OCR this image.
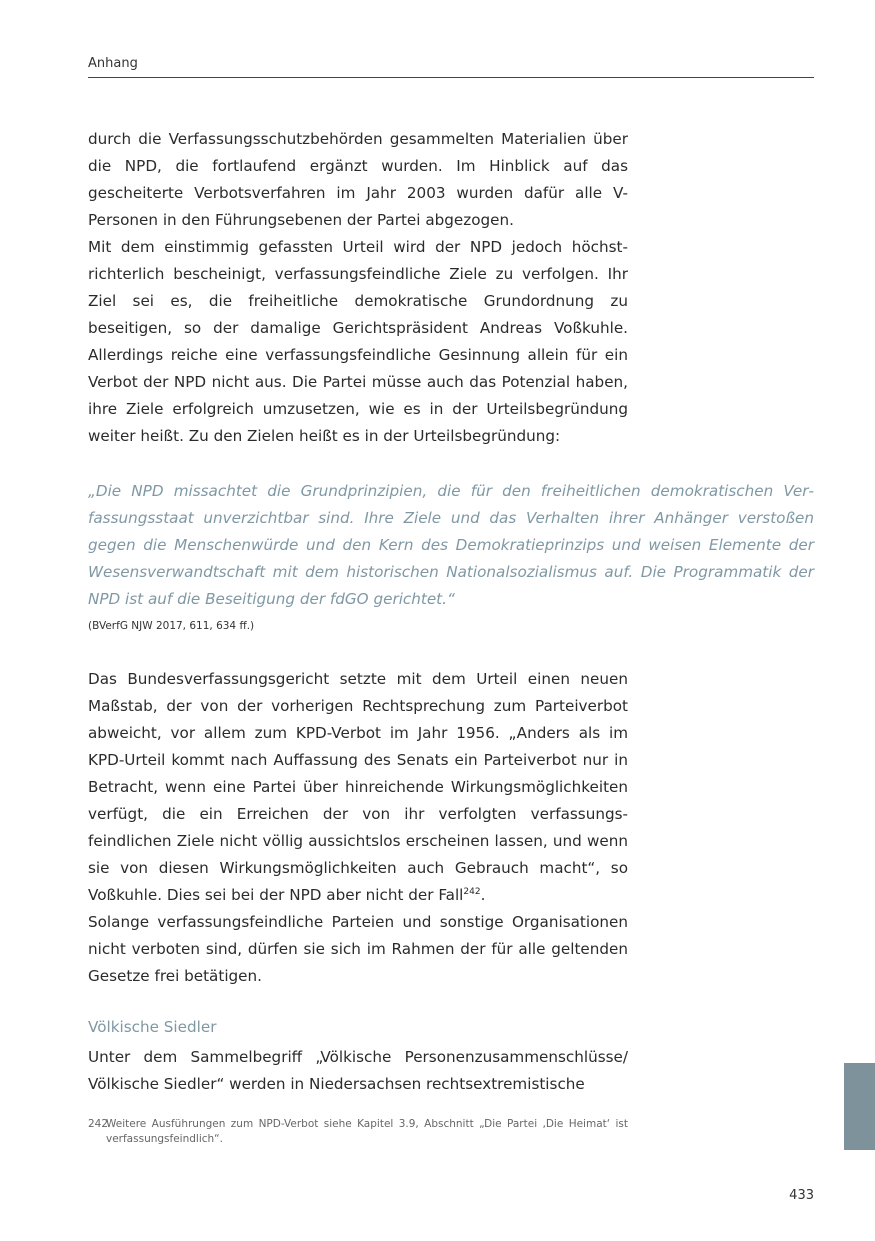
Anhang

durch die Verfassungsschutzbehörden gesammelten Materialien über die NPD, die fortlaufend ergänzt wurden. Im Hinblick auf das gescheiterte Verbotsverfahren im Jahr 2003 wurden dafür alle V-Personen in den Führungsebenen der Partei abgezogen.

Mit dem einstimmig gefassten Urteil wird der NPD jedoch höchstrichterlich bescheinigt, verfassungsfeindliche Ziele zu verfolgen. Ihr Ziel sei es, die freiheitliche demokratische Grundordnung zu beseitigen, so der damalige Gerichtspräsident Andreas Voßkuhle. Allerdings reiche eine verfassungsfeindliche Gesinnung allein für ein Verbot der NPD nicht aus. Die Partei müsse auch das Potenzial haben, ihre Ziele erfolgreich umzusetzen, wie es in der Urteilsbegründung weiter heißt. Zu den Zielen heißt es in der Urteilsbegründung:

„Die NPD missachtet die Grundprinzipien, die für den freiheitlichen demokratischen Verfassungsstaat unverzichtbar sind. Ihre Ziele und das Verhalten ihrer Anhänger verstoßen gegen die Menschenwürde und den Kern des Demokratieprinzips und weisen Elemente der Wesensverwandtschaft mit dem historischen Nationalsozialismus auf. Die Programmatik der NPD ist auf die Beseitigung der fdGO gerichtet.“
(BVerfG NJW 2017, 611, 634 ff.)

Das Bundesverfassungsgericht setzte mit dem Urteil einen neuen Maßstab, der von der vorherigen Rechtsprechung zum Parteiverbot abweicht, vor allem zum KPD-Verbot im Jahr 1956. „Anders als im KPD-Urteil kommt nach Auffassung des Senats ein Parteiverbot nur in Betracht, wenn eine Partei über hinreichende Wirkungsmöglichkeiten verfügt, die ein Erreichen der von ihr verfolgten verfassungsfeindlichen Ziele nicht völlig aussichtslos erscheinen lassen, und wenn sie von diesen Wirkungsmöglichkeiten auch Gebrauch macht“, so Voßkuhle. Dies sei bei der NPD aber nicht der Fall$^{242}$.

Solange verfassungsfeindliche Parteien und sonstige Organisationen nicht verboten sind, dürfen sie sich im Rahmen der für alle geltenden Gesetze frei betätigen.

Völkische Siedler

Unter dem Sammelbegriff „Völkische Personenzusammenschlüsse/ Völkische Siedler“ werden in Niedersachsen rechtsextremistische

242
Weitere Ausführungen zum NPD-Verbot siehe Kapitel 3.9, Abschnitt „Die Partei ‚Die Heimat‘ ist verfassungsfeindlich“.
433
